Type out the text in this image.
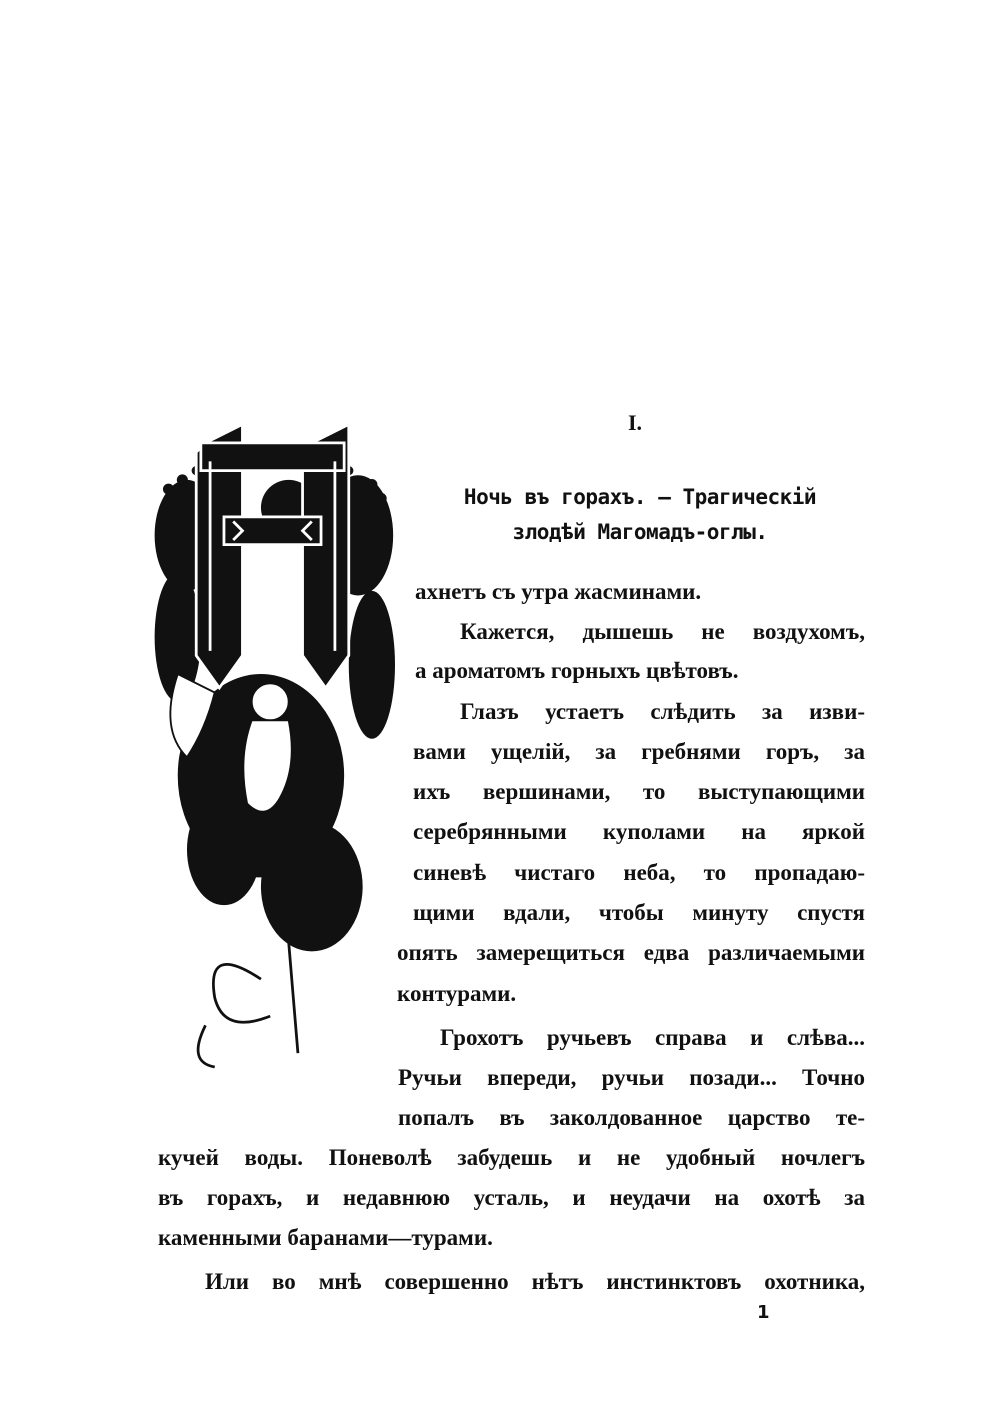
I.
Ночь въ горахъ. — Трагическій
злодѣй Магомадъ-оглы.
ахнетъ съ утра жасминами.
Кажется, дышешь не воздухомъ,
а ароматомъ горныхъ цвѣтовъ.
Глазъ устаетъ слѣдить за изви-
вами ущелій, за гребнями горъ, за
ихъ вершинами, то выступающими
серебрянными куполами на яркой
синевѣ чистаго неба, то пропадаю-
щими вдали, чтобы минуту спустя
опять замерещиться едва различаемыми
контурами.
Грохотъ ручьевъ справа и слѣва...
Ручьи впереди, ручьи позади... Точно
попалъ въ заколдованное царство те-
кучей воды. Поневолѣ забудешь и не удобный ночлегъ
въ горахъ, и недавнюю усталь, и неудачи на охотѣ за
каменными баранами—турами.
Или во мнѣ совершенно нѣтъ инстинктовъ охотника,
1
